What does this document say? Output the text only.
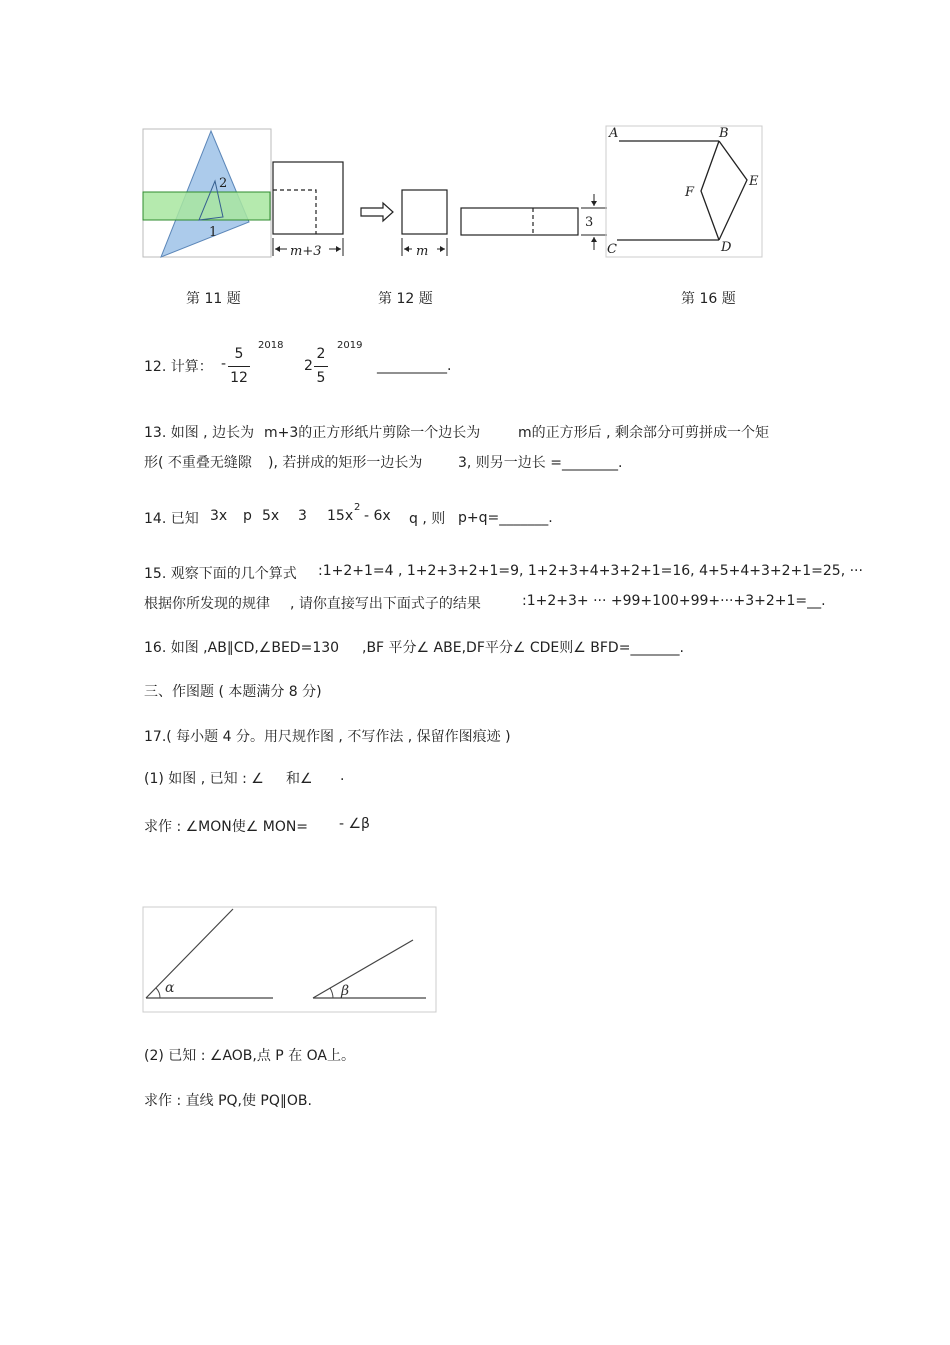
2
1
m+3	m
3
A	B
E
F
C	D
第 11 题	第 12 题	第 16 题
12. 计算： -
5
12
2018
2
2
5
2019
__________.
13. 如图 , 边长为 m+3的正方形纸片剪除一个边长为	m的正方形后 , 剩余部分可剪拼成一个矩
形( 不重叠无缝隙 ), 若拼成的矩形一边长为	3, 则另一边长 =________.
14. 已知 3x p 5x 3 15x
2
- 6x q , 则 p+q=_______.
15. 观察下面的几个算式 :1+2+1=4 , 1+2+3+2+1=9, 1+2+3+4+3+2+1=16, 4+5+4+3+2+1=25, ···
根据你所发现的规律 , 请你直接写出下面式子的结果	:1+2+3+ ··· +99+100+99+···+3+2+1=__.
16. 如图 ,AB∥CD,∠BED=130 ,BF 平分∠ ABE,DF平分∠ CDE则∠ BFD=_______.
三、作图题 ( 本题满分 8 分)
17.( 每小题 4 分。用尺规作图 , 不写作法 , 保留作图痕迹 )
(1) 如图 , 已知 : ∠ 和∠ .
求作 : ∠MON使∠ MON= - ∠β
α	β
(2) 已知 : ∠AOB,点 P 在 OA上。
求作 : 直线 PQ,使 PQ∥OB.
